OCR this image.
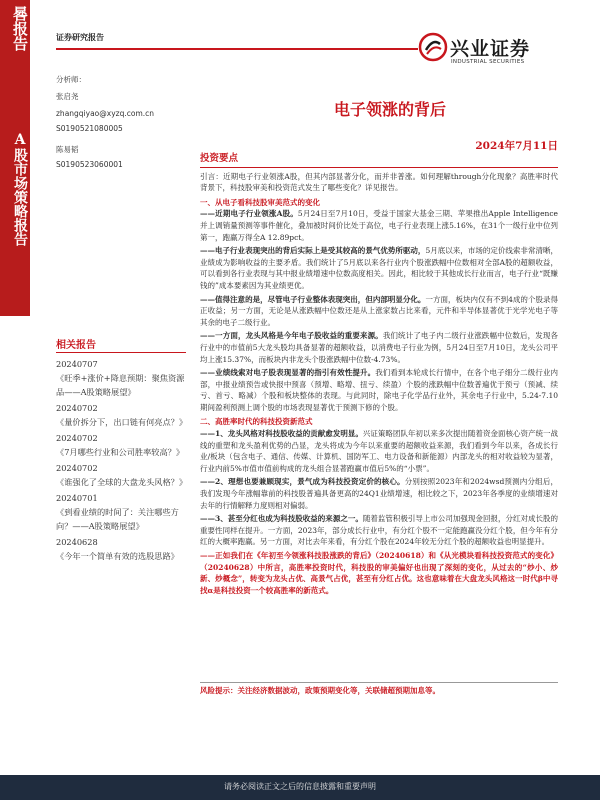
晷报告
A股市场策略报告
证券研究报告
兴业证券
INDUSTRIAL SECURITIES
分析师：
张启尧
zhangqiyao@xyzq.com.cn
S0190521080005
陈易韬
S0190523060001
相关报告
20240707
《旺季+涨价+降息预期：聚焦资源品——A股策略展望》
20240702
《量价拆分下，出口链有何亮点？》
20240702
《7月哪些行业和公司胜率较高？》
20240702
《谁强化了全球的大盘龙头风格？》
20240701
《到看业绩的时间了：关注哪些方向？——A股策略展望》
20240628
《今年一个简单有效的选股思路》
电子领涨的背后
2024年7月11日
投资要点
引言：近期电子行业领涨A股，但其内部显著分化，而并非普涨。如何理解through分化现象？高胜率时代背景下，科技股审美和投资范式发生了哪些变化？详见报告。
一、从电子看科技股审美范式的变化
——近期电子行业领涨A股。5月24日至7月10日，受益于国家大基金三期、苹果推出Apple Intelligence并上调销量预测等事件催化，叠加被时间价比处于高位，电子行业表现上涨5.16%，在31个一级行业中位列第一，跑赢万得全A 12.89pct。
——电子行业表现突出的背后实际上是受其较高的景气优势所驱动，5月底以来，市场的定价线索非常清晰，业绩成为影响收益的主要矛盾。我们统计了5月底以来各行业内个股涨跌幅中位数相对全部A股的超额收益，可以看到各行业表现与其中报业绩增速中位数高度相关。因此，相比较于其他成长行业而言，电子行业“既赚钱的”成本要素因为其业绩更优。
——值得注意的是，尽管电子行业整体表现突出，但内部明显分化。一方面，板块内仅有不到4成的个股录得正收益；另一方面，无论是从涨跌幅中位数还是从上涨家数占比来看，元件和半导体显著优于光学光电子等其余的电子二级行业。
——一方面，龙头风格是今年电子股收益的重要来源。我们统计了电子内二级行业涨跌幅中位数后，发现各行业中的市值前5大龙头股均具备显著的超额收益，以消费电子行业为例，5月24日至7月10日，龙头公司平均上涨15.37%，而板块内非龙头个股涨跌幅中位数-4.73%。
——业绩线索对电子股表现显著的指引有效性提升。我们看到本轮成长行情中，在各个电子细分二级行业内部，中报业绩预告或快报中预喜（预增、略增、扭亏、续盈）个股的涨跌幅中位数普遍优于预亏（预减、续亏、首亏、略减）个股和板块整体的表现。与此同时，除电子化学品行业外，其余电子行业中，5.24-7.10期间盈利预测上调个股的市场表现显著优于预测下修的个股。
二、高胜率时代的科技投资新范式
——1、龙头风格对科技股收益的贡献愈发明显。兴证策略团队年初以来多次提出随着资金面核心资产统一战线的重塑和龙头盈利优势的凸显，龙头将成为今年以来重要的超额收益来源，我们看到今年以来，各成长行业/板块（包含电子、通信、传媒、计算机、国防军工、电力设备和新能源）内部龙头的相对收益较为显著，行业内前5%市值市值前构成的龙头组合显著跑赢市值后5%的“小票”。
——2、理想也要兼顾现实，景气成为科技投资定价的核心。分别按照2023年和2024wsd预测内分组后，我们发现今年涨幅靠前的科技股普遍具备更高的24Q1业绩增速，相比较之下，2023年各季度的业绩增速对去年的行情解释力度则相对偏弱。
——3、甚至分红也成为科技股收益的来源之一。随着监管积极引导上市公司加强现金回报，分红对成长股的重要性同样在提升。一方面，2023年，部分成长行业中，有分红个股不一定能跑赢没分红个股，但今年有分红的大概率跑赢。另一方面，对比去年来看，有分红个股在2024年较无分红个股的超额收益也明显提升。
——正如我们在《年初至今领涨科技股涨跌的背后》（20240618）和《从光模块看科技投资范式的变化》（20240628）中所言，高胜率投资时代，科技股的审美偏好也出现了深刻的变化，从过去的“炒小、炒新、炒概念”，转变为龙头占优、高景气占优，甚至有分红占优。这也意味着在大盘龙头风格这一时代β中寻找α是科技投资一个较高胜率的新范式。
风险提示：关注经济数据波动，政策预期变化等，关联储超预期加息等。
请务必阅读正文之后的信息披露和重要声明
